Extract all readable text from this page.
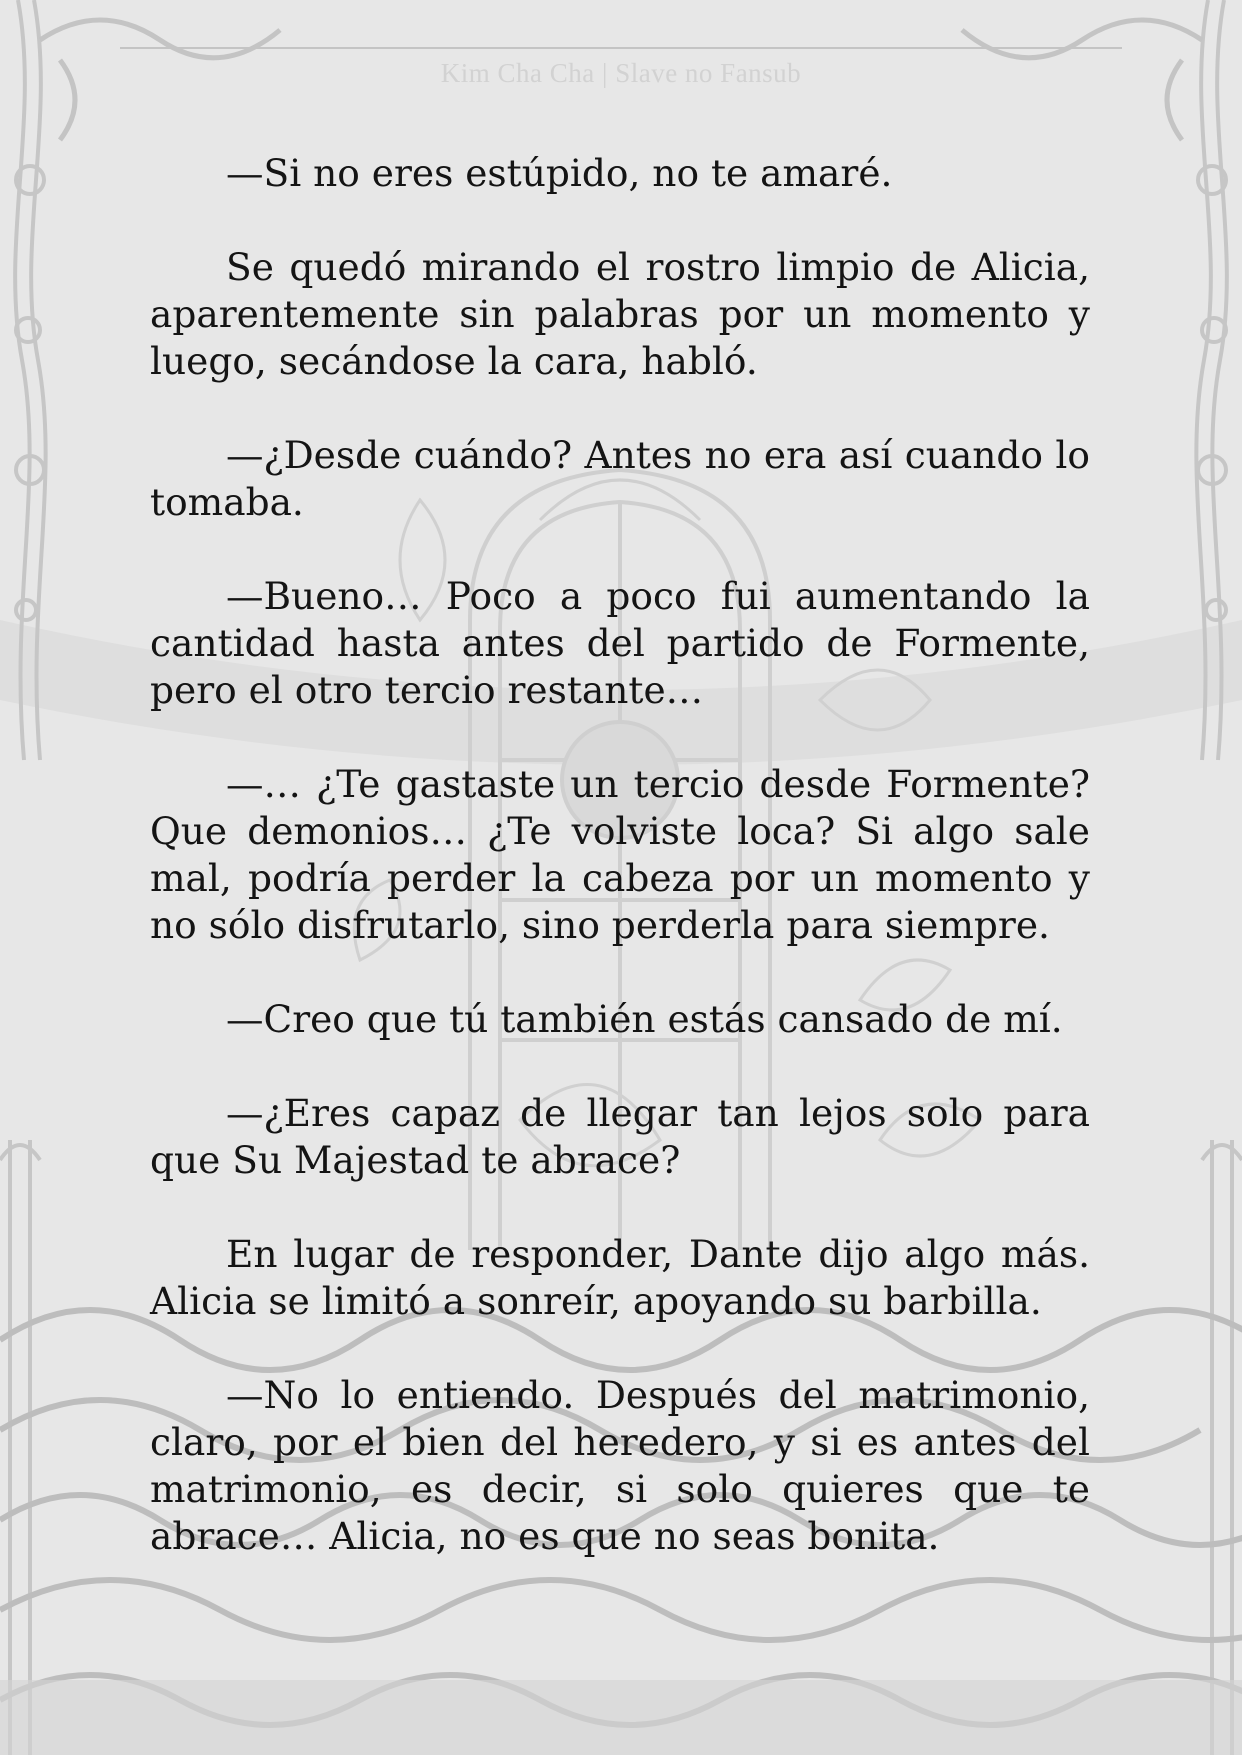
Kim Cha Cha | Slave no Fansub

—Si no eres estúpido, no te amaré.

Se quedó mirando el rostro limpio de Alicia, aparentemente sin palabras por un momento y luego, secándose la cara, habló.

—¿Desde cuándo? Antes no era así cuando lo tomaba.

—Bueno… Poco a poco fui aumentando la cantidad hasta antes del partido de Formente, pero el otro tercio restante…

—… ¿Te gastaste un tercio desde Formente? Que demonios… ¿Te volviste loca? Si algo sale mal, podría perder la cabeza por un momento y no sólo disfrutarlo, sino perderla para siempre.

—Creo que tú también estás cansado de mí.

—¿Eres capaz de llegar tan lejos solo para que Su Majestad te abrace?

En lugar de responder, Dante dijo algo más. Alicia se limitó a sonreír, apoyando su barbilla.

—No lo entiendo. Después del matrimonio, claro, por el bien del heredero, y si es antes del matrimonio, es decir, si solo quieres que te abrace… Alicia, no es que no seas bonita.
